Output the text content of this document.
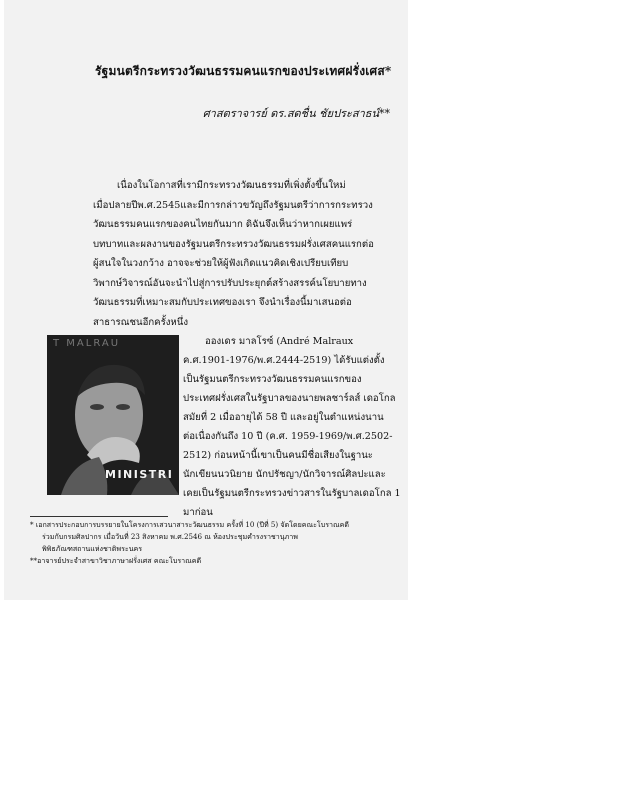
รัฐมนตรีกระทรวงวัฒนธรรมคนแรกของประเทศฝรั่งเศส*
ศาสตราจารย์ ดร.สดชื่น ชัยประสาธน์**
เนื่องในโอกาสที่เรามีกระทรวงวัฒนธรรมที่เพิ่งตั้งขึ้นใหม่
เมื่อปลายปีพ.ศ.2545และมีการกล่าวขวัญถึงรัฐมนตรีว่าการกระทรวง
วัฒนธรรมคนแรกของคนไทยกันมาก ดิฉันจึงเห็นว่าหากเผยแพร่
บทบาทและผลงานของรัฐมนตรีกระทรวงวัฒนธรรมฝรั่งเศสคนแรกต่อ
ผู้สนใจในวงกว้าง อาจจะช่วยให้ผู้ฟังเกิดแนวคิดเชิงเปรียบเทียบ
วิพากษ์วิจารณ์อันจะนำไปสู่การปรับประยุกต์สร้างสรรค์นโยบายทาง
วัฒนธรรมที่เหมาะสมกับประเทศของเรา จึงนำเรื่องนี้มาเสนอต่อ
สาธารณชนอีกครั้งหนึ่ง
T MALRAU
MINISTRI
อองเดร มาลโรซ์ (André Malraux
ค.ศ.1901-1976/พ.ศ.2444-2519) ได้รับแต่งตั้ง
เป็นรัฐมนตรีกระทรวงวัฒนธรรมคนแรกของ
ประเทศฝรั่งเศสในรัฐบาลของนายพลชาร์ลส์ เดอโกล
สมัยที่ 2 เมื่ออายุได้ 58 ปี และอยู่ในตำแหน่งนาน
ต่อเนื่องกันถึง 10 ปี (ค.ศ. 1959-1969/พ.ศ.2502-
2512) ก่อนหน้านี้เขาเป็นคนมีชื่อเสียงในฐานะ
นักเขียนนวนิยาย นักปรัชญา/นักวิจารณ์ศิลปะและ
เคยเป็นรัฐมนตรีกระทรวงข่าวสารในรัฐบาลเดอโกล 1
มาก่อน
* เอกสารประกอบการบรรยายในโครงการเสวนาสาระวัฒนธรรม ครั้งที่ 10 (ปีที่ 5) จัดโดยคณะโบราณคดี
ร่วมกับกรมศิลปากร เมื่อวันที่ 23 สิงหาคม พ.ศ.2546 ณ ห้องประชุมคำรงราชานุภาพ
พิพิธภัณฑสถานแห่งชาติพระนคร
**อาจารย์ประจำสาขาวิชาภาษาฝรั่งเศส คณะโบราณคดี
